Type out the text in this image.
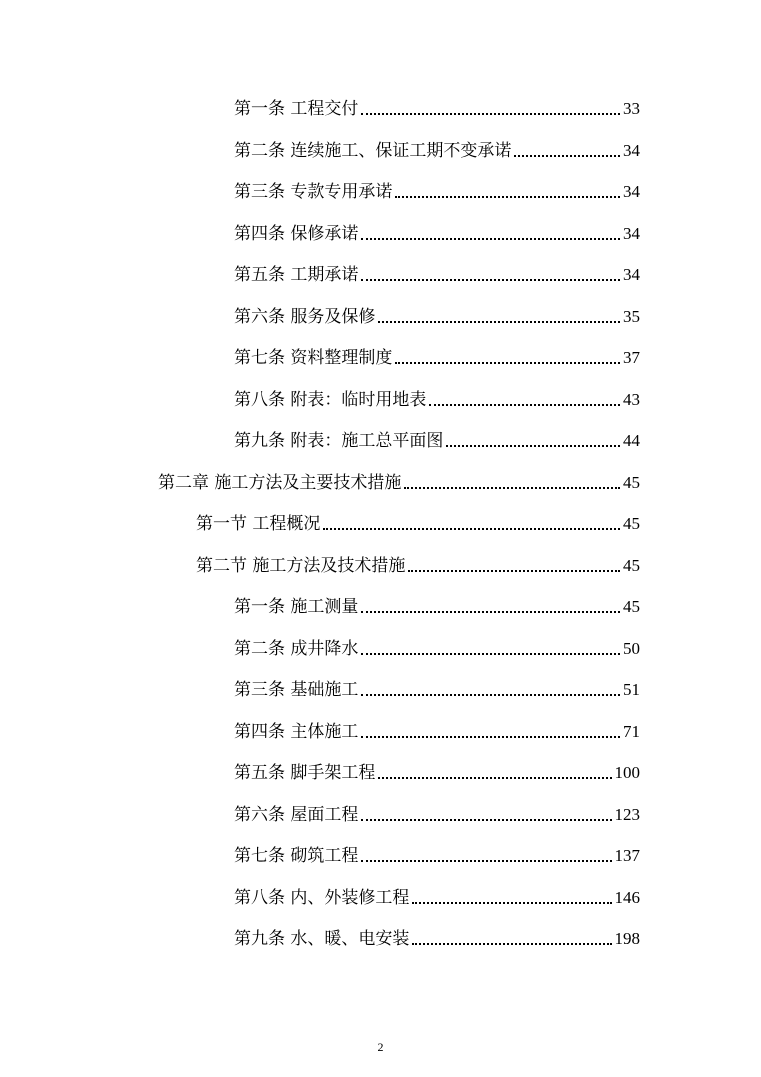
第一条 工程交付	33
第二条 连续施工、保证工期不变承诺	34
第三条 专款专用承诺	34
第四条 保修承诺	34
第五条 工期承诺	34
第六条 服务及保修	35
第七条 资料整理制度	37
第八条 附表：临时用地表	43
第九条 附表：施工总平面图	44
第二章 施工方法及主要技术措施	45
第一节 工程概况	45
第二节 施工方法及技术措施	45
第一条 施工测量	45
第二条 成井降水	50
第三条 基础施工	51
第四条 主体施工	71
第五条 脚手架工程	100
第六条 屋面工程	123
第七条 砌筑工程	137
第八条 内、外装修工程	146
第九条 水、暖、电安装	198
2
